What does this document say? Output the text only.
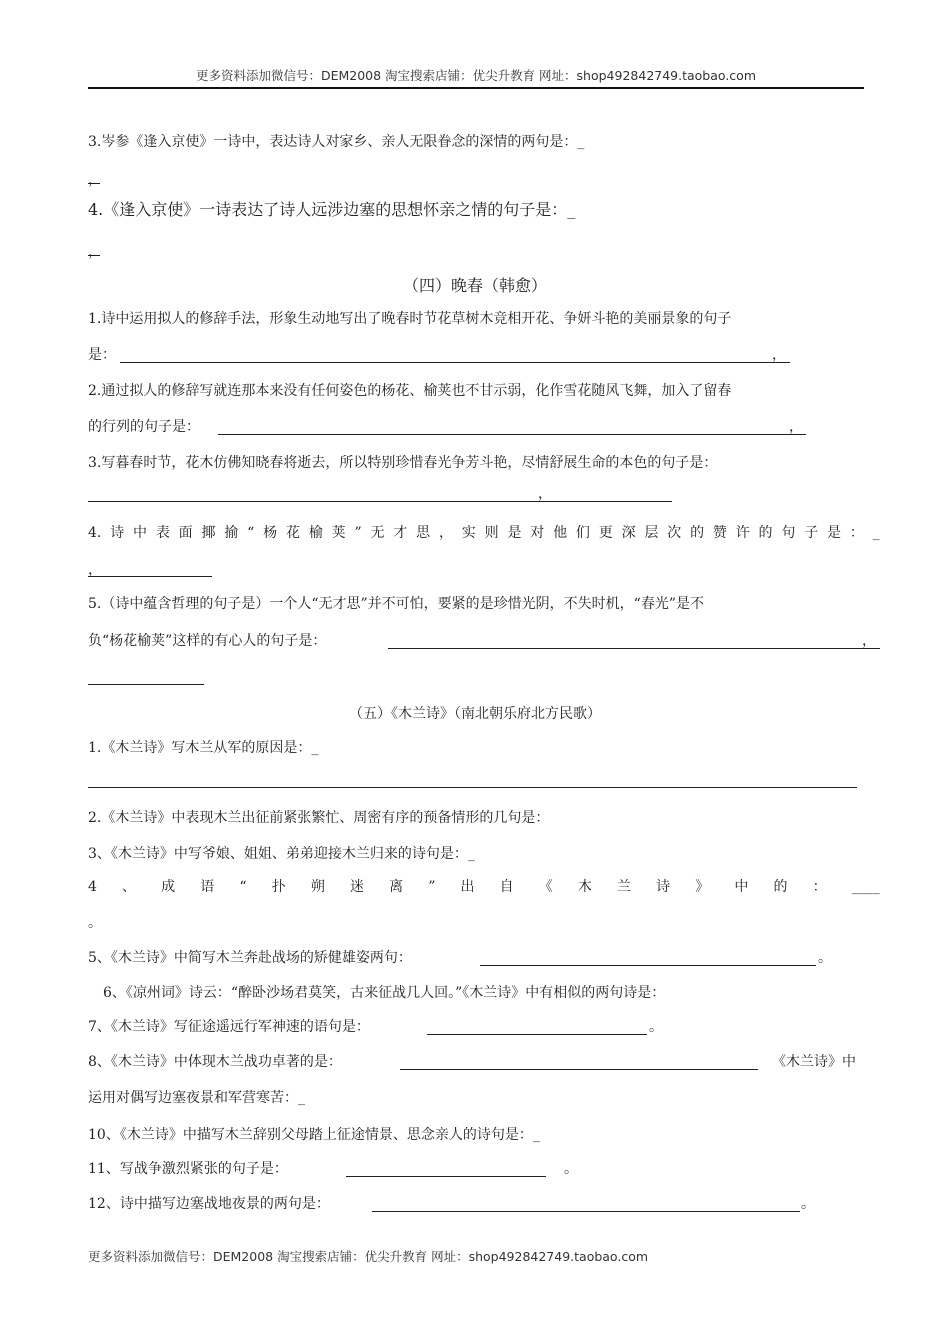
更多资料添加微信号：DEM2008 淘宝搜索店铺：优尖升教育 网址：shop492842749.taobao.com
3.岑参《逢入京使》一诗中，表达诗人对家乡、亲人无限眷念的深情的两句是：_
，
4.《逢入京使》一诗表达了诗人远涉边塞的思想怀亲之情的句子是：_
，
（四）晚春（韩愈）
1.诗中运用拟人的修辞手法，形象生动地写出了晚春时节花草树木竞相开花、争妍斗艳的美丽景象的句子
是：	，
2.通过拟人的修辞写就连那本来没有任何姿色的杨花、榆荚也不甘示弱，化作雪花随风飞舞，加入了留春
的行列的句子是：	，
3.写暮春时节，花木仿佛知晓春将逝去，所以特别珍惜春光争芳斗艳，尽情舒展生命的本色的句子是：
，
4. 诗 中 表 面 揶 揄 “ 杨 花 榆 荚 ” 无 才 思 ， 实 则 是 对 他 们 更 深 层 次 的 赞 许 的 句 子 是 ： _
，
5.（诗中蕴含哲理的句子是）一个人“无才思”并不可怕，要紧的是珍惜光阴，不失时机，“春光”是不
负“杨花榆荚”这样的有心人的句子是：	，
（五）《木兰诗》（南北朝乐府北方民歌）
1.《木兰诗》写木兰从军的原因是：_
2.《木兰诗》中表现木兰出征前紧张繁忙、周密有序的预备情形的几句是：
3、《木兰诗》中写爷娘、姐姐、弟弟迎接木兰归来的诗句是：_
4 、 成 语 “ 扑 朔 迷 离 ” 出 自 《 木 兰 诗 》 中 的 ： ____
。
5、《木兰诗》中简写木兰奔赴战场的矫健雄姿两句：	。
6、《凉州词》诗云：“醉卧沙场君莫笑，古来征战几人回。”《木兰诗》中有相似的两句诗是：
7、《木兰诗》写征途遥远行军神速的语句是：	。
8、《木兰诗》中体现木兰战功卓著的是：	《木兰诗》中
运用对偶写边塞夜景和军营寒苦：_
10、《木兰诗》中描写木兰辞别父母踏上征途情景、思念亲人的诗句是：_
11、写战争激烈紧张的句子是：	。
12、诗中描写边塞战地夜景的两句是：	。
更多资料添加微信号：DEM2008 淘宝搜索店铺：优尖升教育 网址：shop492842749.taobao.com
